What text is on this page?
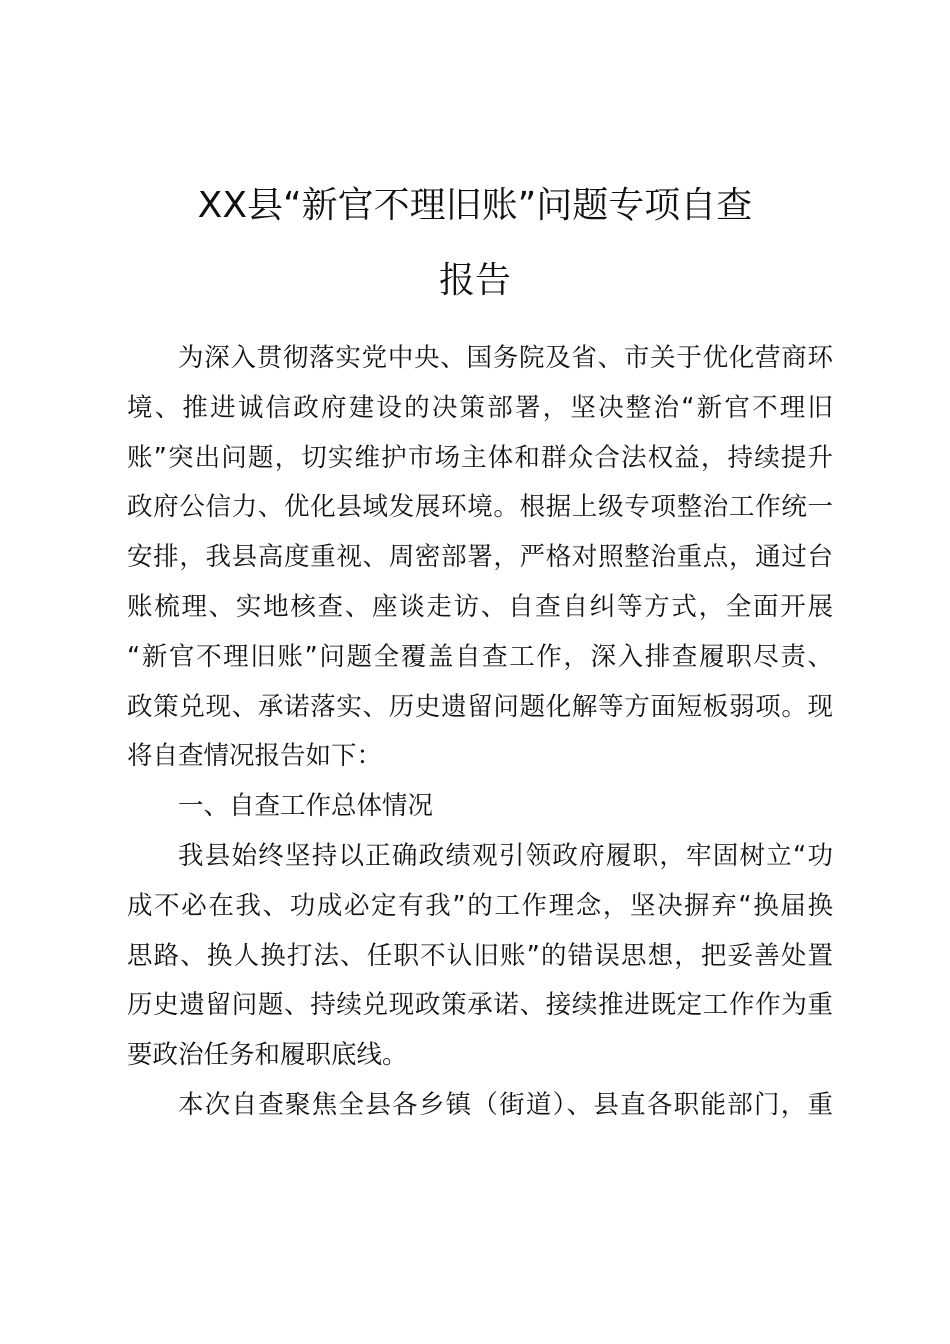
XX县“新官不理旧账”问题专项自查
报告
为深入贯彻落实党中央、国务院及省、市关于优化营商环
境、推进诚信政府建设的决策部署，坚决整治“新官不理旧
账”突出问题，切实维护市场主体和群众合法权益，持续提升
政府公信力、优化县域发展环境。根据上级专项整治工作统一
安排，我县高度重视、周密部署，严格对照整治重点，通过台
账梳理、实地核查、座谈走访、自查自纠等方式，全面开展
“新官不理旧账”问题全覆盖自查工作，深入排查履职尽责、
政策兑现、承诺落实、历史遗留问题化解等方面短板弱项。现
将自查情况报告如下：
一、自查工作总体情况
我县始终坚持以正确政绩观引领政府履职，牢固树立“功
成不必在我、功成必定有我”的工作理念，坚决摒弃“换届换
思路、换人换打法、任职不认旧账”的错误思想，把妥善处置
历史遗留问题、持续兑现政策承诺、接续推进既定工作作为重
要政治任务和履职底线。
本次自查聚焦全县各乡镇（街道）、县直各职能部门，重
